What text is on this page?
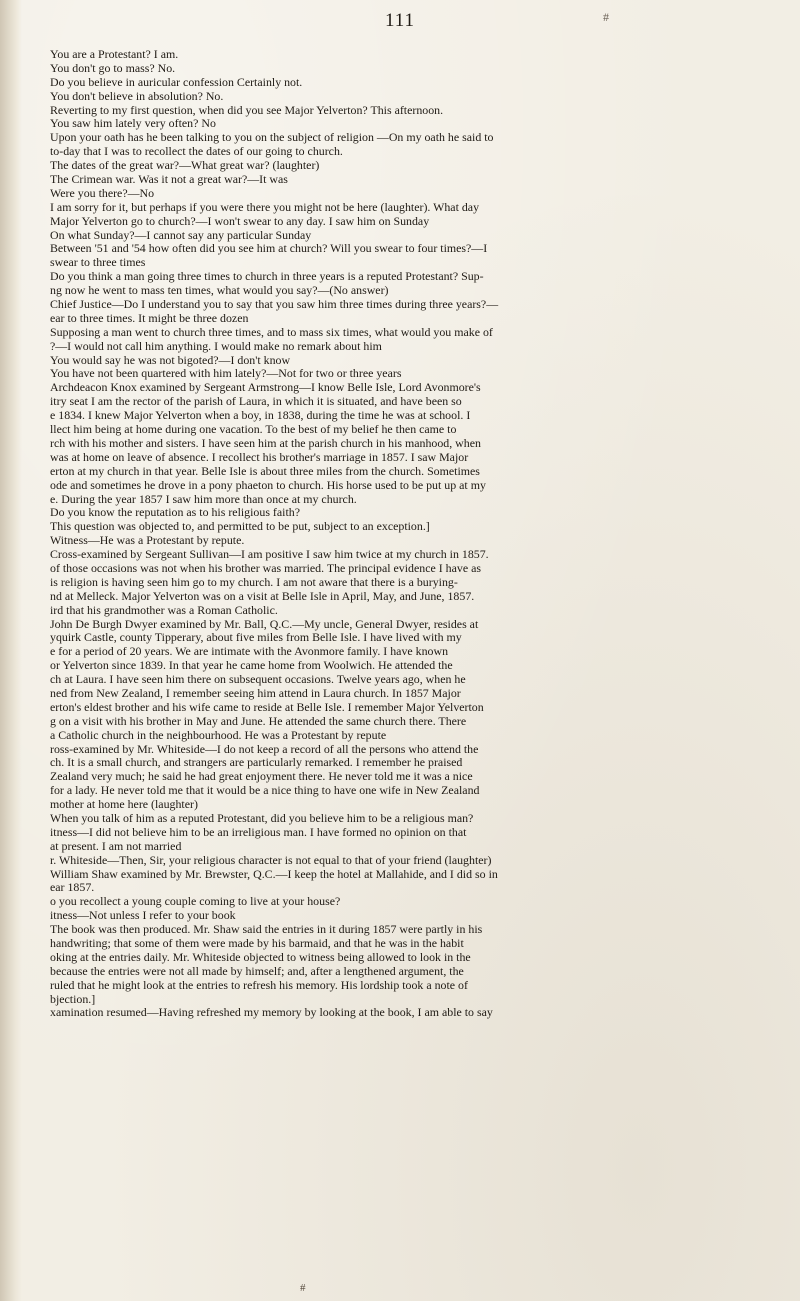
111	#
You are a Protestant? I am.
You don't go to mass? No.
Do you believe in auricular confession Certainly not.
You don't believe in absolution? No.
Reverting to my first question, when did you see Major Yelverton? This afternoon.
You saw him lately very often? No
Upon your oath has he been talking to you on the subject of religion —On my oath he said to
to-day that I was to recollect the dates of our going to church.
The dates of the great war?—What great war? (laughter)
The Crimean war. Was it not a great war?—It was
Were you there?—No
I am sorry for it, but perhaps if you were there you might not be here (laughter). What day
Major Yelverton go to church?—I won't swear to any day. I saw him on Sunday
On what Sunday?—I cannot say any particular Sunday
Between '51 and '54 how often did you see him at church? Will you swear to four times?—I
swear to three times
Do you think a man going three times to church in three years is a reputed Protestant? Sup-
ng now he went to mass ten times, what would you say?—(No answer)
Chief Justice—Do I understand you to say that you saw him three times during three years?—
ear to three times. It might be three dozen
Supposing a man went to church three times, and to mass six times, what would you make of
?—I would not call him anything. I would make no remark about him
You would say he was not bigoted?—I don't know
You have not been quartered with him lately?—Not for two or three years
Archdeacon Knox examined by Sergeant Armstrong—I know Belle Isle, Lord Avonmore's
itry seat I am the rector of the parish of Laura, in which it is situated, and have been so
e 1834. I knew Major Yelverton when a boy, in 1838, during the time he was at school. I
llect him being at home during one vacation. To the best of my belief he then came to
rch with his mother and sisters. I have seen him at the parish church in his manhood, when
was at home on leave of absence. I recollect his brother's marriage in 1857. I saw Major
erton at my church in that year. Belle Isle is about three miles from the church. Sometimes
ode and sometimes he drove in a pony phaeton to church. His horse used to be put up at my
e. During the year 1857 I saw him more than once at my church.
Do you know the reputation as to his religious faith?
This question was objected to, and permitted to be put, subject to an exception.]
Witness—He was a Protestant by repute.
Cross-examined by Sergeant Sullivan—I am positive I saw him twice at my church in 1857.
of those occasions was not when his brother was married. The principal evidence I have as
is religion is having seen him go to my church. I am not aware that there is a burying-
nd at Melleck. Major Yelverton was on a visit at Belle Isle in April, May, and June, 1857.
ird that his grandmother was a Roman Catholic.
John De Burgh Dwyer examined by Mr. Ball, Q.C.—My uncle, General Dwyer, resides at
yquirk Castle, county Tipperary, about five miles from Belle Isle. I have lived with my
e for a period of 20 years. We are intimate with the Avonmore family. I have known
or Yelverton since 1839. In that year he came home from Woolwich. He attended the
ch at Laura. I have seen him there on subsequent occasions. Twelve years ago, when he
ned from New Zealand, I remember seeing him attend in Laura church. In 1857 Major
erton's eldest brother and his wife came to reside at Belle Isle. I remember Major Yelverton
g on a visit with his brother in May and June. He attended the same church there. There
a Catholic church in the neighbourhood. He was a Protestant by repute
ross-examined by Mr. Whiteside—I do not keep a record of all the persons who attend the
ch. It is a small church, and strangers are particularly remarked. I remember he praised
Zealand very much; he said he had great enjoyment there. He never told me it was a nice
for a lady. He never told me that it would be a nice thing to have one wife in New Zealand
mother at home here (laughter)
When you talk of him as a reputed Protestant, did you believe him to be a religious man?
itness—I did not believe him to be an irreligious man. I have formed no opinion on that
at present. I am not married
r. Whiteside—Then, Sir, your religious character is not equal to that of your friend (laughter)
William Shaw examined by Mr. Brewster, Q.C.—I keep the hotel at Mallahide, and I did so in
ear 1857.
o you recollect a young couple coming to live at your house?
itness—Not unless I refer to your book
The book was then produced. Mr. Shaw said the entries in it during 1857 were partly in his
handwriting; that some of them were made by his barmaid, and that he was in the habit
oking at the entries daily. Mr. Whiteside objected to witness being allowed to look in the
because the entries were not all made by himself; and, after a lengthened argument, the
ruled that he might look at the entries to refresh his memory. His lordship took a note of
bjection.]
xamination resumed—Having refreshed my memory by looking at the book, I am able to say
#
